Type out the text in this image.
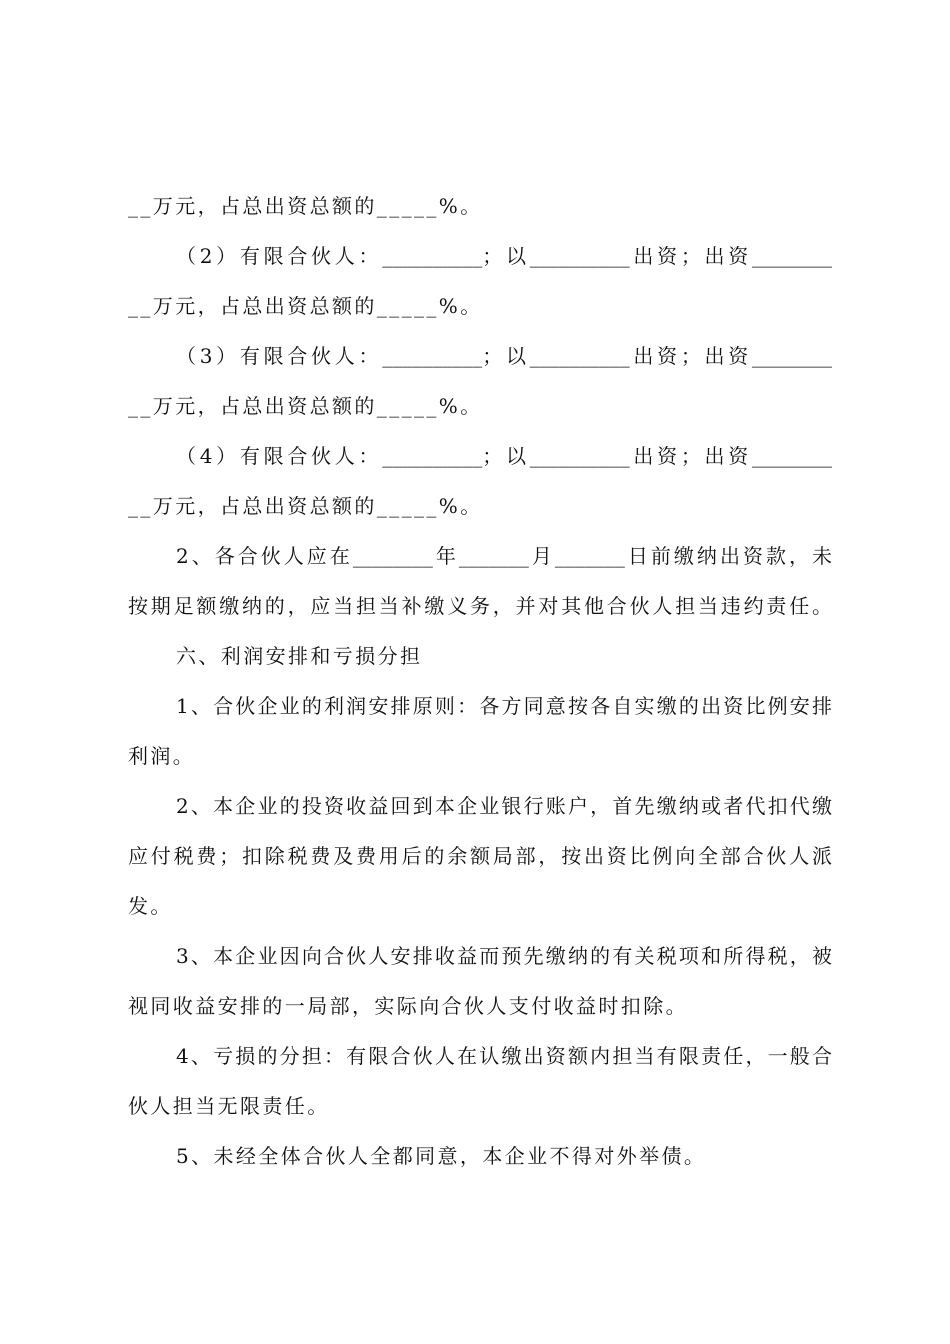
__万元，占总出资总额的_____%。
（2）有限合伙人：__________；以__________出资；出资________
__万元，占总出资总额的_____%。
（3）有限合伙人：__________；以__________出资；出资________
__万元，占总出资总额的_____%。
（4）有限合伙人：__________；以__________出资；出资________
__万元，占总出资总额的_____%。
2、各合伙人应在________年_______月_______日前缴纳出资款，未
按期足额缴纳的，应当担当补缴义务，并对其他合伙人担当违约责任。
六、利润安排和亏损分担
1、合伙企业的利润安排原则：各方同意按各自实缴的出资比例安排
利润。
2、本企业的投资收益回到本企业银行账户，首先缴纳或者代扣代缴
应付税费；扣除税费及费用后的余额局部，按出资比例向全部合伙人派
发。
3、本企业因向合伙人安排收益而预先缴纳的有关税项和所得税，被
视同收益安排的一局部，实际向合伙人支付收益时扣除。
4、亏损的分担：有限合伙人在认缴出资额内担当有限责任，一般合
伙人担当无限责任。
5、未经全体合伙人全都同意，本企业不得对外举债。
